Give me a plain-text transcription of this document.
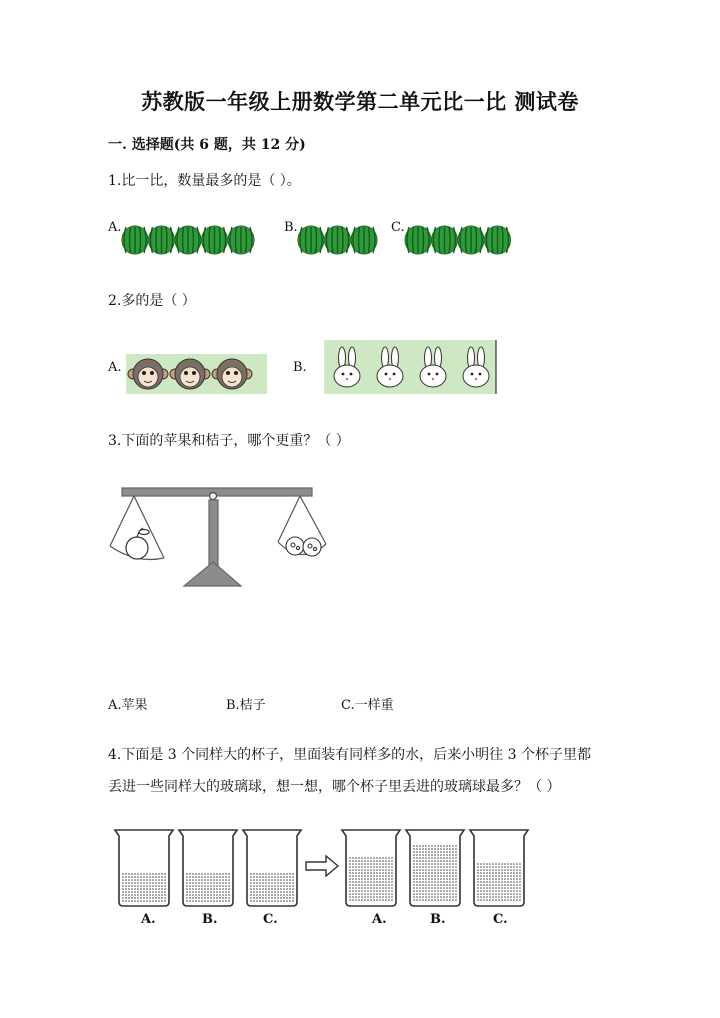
苏教版一年级上册数学第二单元比一比 测试卷
一. 选择题(共 6 题，共 12 分)
1.比一比，数量最多的是（ ）。
A.	B.	C.
2.多的是（ ）
A.	B.
3.下面的苹果和桔子，哪个更重？（ ）
A.苹果	B.桔子	C.一样重
4.下面是 3 个同样大的杯子，里面装有同样多的水，后来小明往 3 个杯子里都
丢进一些同样大的玻璃球，想一想，哪个杯子里丢进的玻璃球最多？（ ）
A.	B.	C.	A.	B.	C.
